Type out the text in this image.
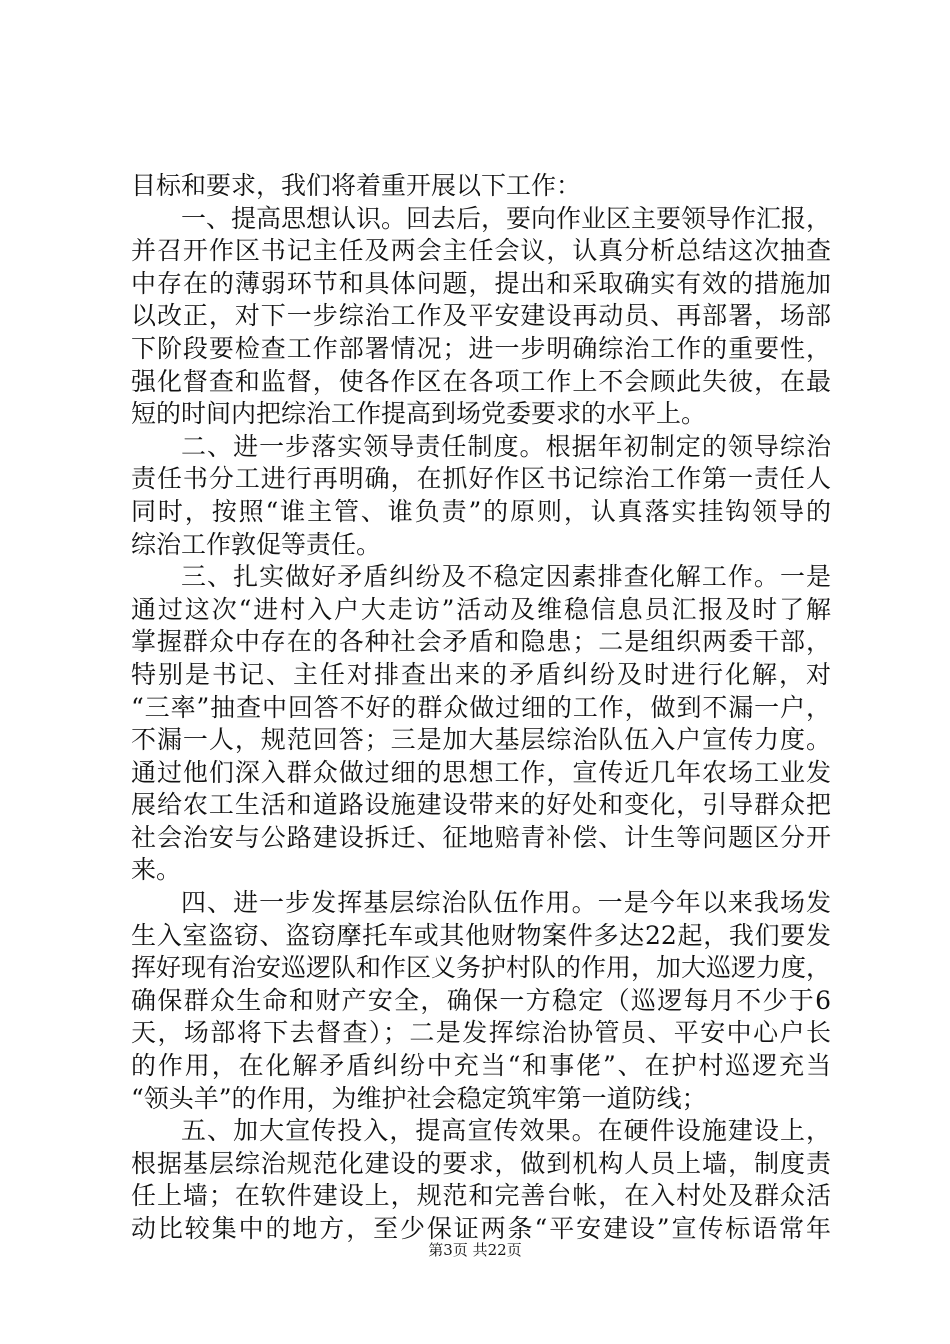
目标和要求，我们将着重开展以下工作：
一、提高思想认识。回去后，要向作业区主要领导作汇报，
并召开作区书记主任及两会主任会议，认真分析总结这次抽查
中存在的薄弱环节和具体问题，提出和采取确实有效的措施加
以改正，对下一步综治工作及平安建设再动员、再部署，场部
下阶段要检查工作部署情况；进一步明确综治工作的重要性，
强化督查和监督，使各作区在各项工作上不会顾此失彼，在最
短的时间内把综治工作提高到场党委要求的水平上。
二、进一步落实领导责任制度。根据年初制定的领导综治
责任书分工进行再明确，在抓好作区书记综治工作第一责任人
同时，按照“谁主管、谁负责”的原则，认真落实挂钩领导的
综治工作敦促等责任。
三、扎实做好矛盾纠纷及不稳定因素排查化解工作。一是
通过这次“进村入户大走访”活动及维稳信息员汇报及时了解
掌握群众中存在的各种社会矛盾和隐患；二是组织两委干部，
特别是书记、主任对排查出来的矛盾纠纷及时进行化解，对
“三率”抽查中回答不好的群众做过细的工作，做到不漏一户，
不漏一人，规范回答；三是加大基层综治队伍入户宣传力度。
通过他们深入群众做过细的思想工作，宣传近几年农场工业发
展给农工生活和道路设施建设带来的好处和变化，引导群众把
社会治安与公路建设拆迁、征地赔青补偿、计生等问题区分开
来。
四、进一步发挥基层综治队伍作用。一是今年以来我场发
生入室盗窃、盗窃摩托车或其他财物案件多达22起，我们要发
挥好现有治安巡逻队和作区义务护村队的作用，加大巡逻力度，
确保群众生命和财产安全，确保一方稳定（巡逻每月不少于6
天，场部将下去督查）；二是发挥综治协管员、平安中心户长
的作用，在化解矛盾纠纷中充当“和事佬”、在护村巡逻充当
“领头羊”的作用，为维护社会稳定筑牢第一道防线；
五、加大宣传投入，提高宣传效果。在硬件设施建设上，
根据基层综治规范化建设的要求，做到机构人员上墙，制度责
任上墙；在软件建设上，规范和完善台帐，在入村处及群众活
动比较集中的地方，至少保证两条“平安建设”宣传标语常年
第3页 共22页
